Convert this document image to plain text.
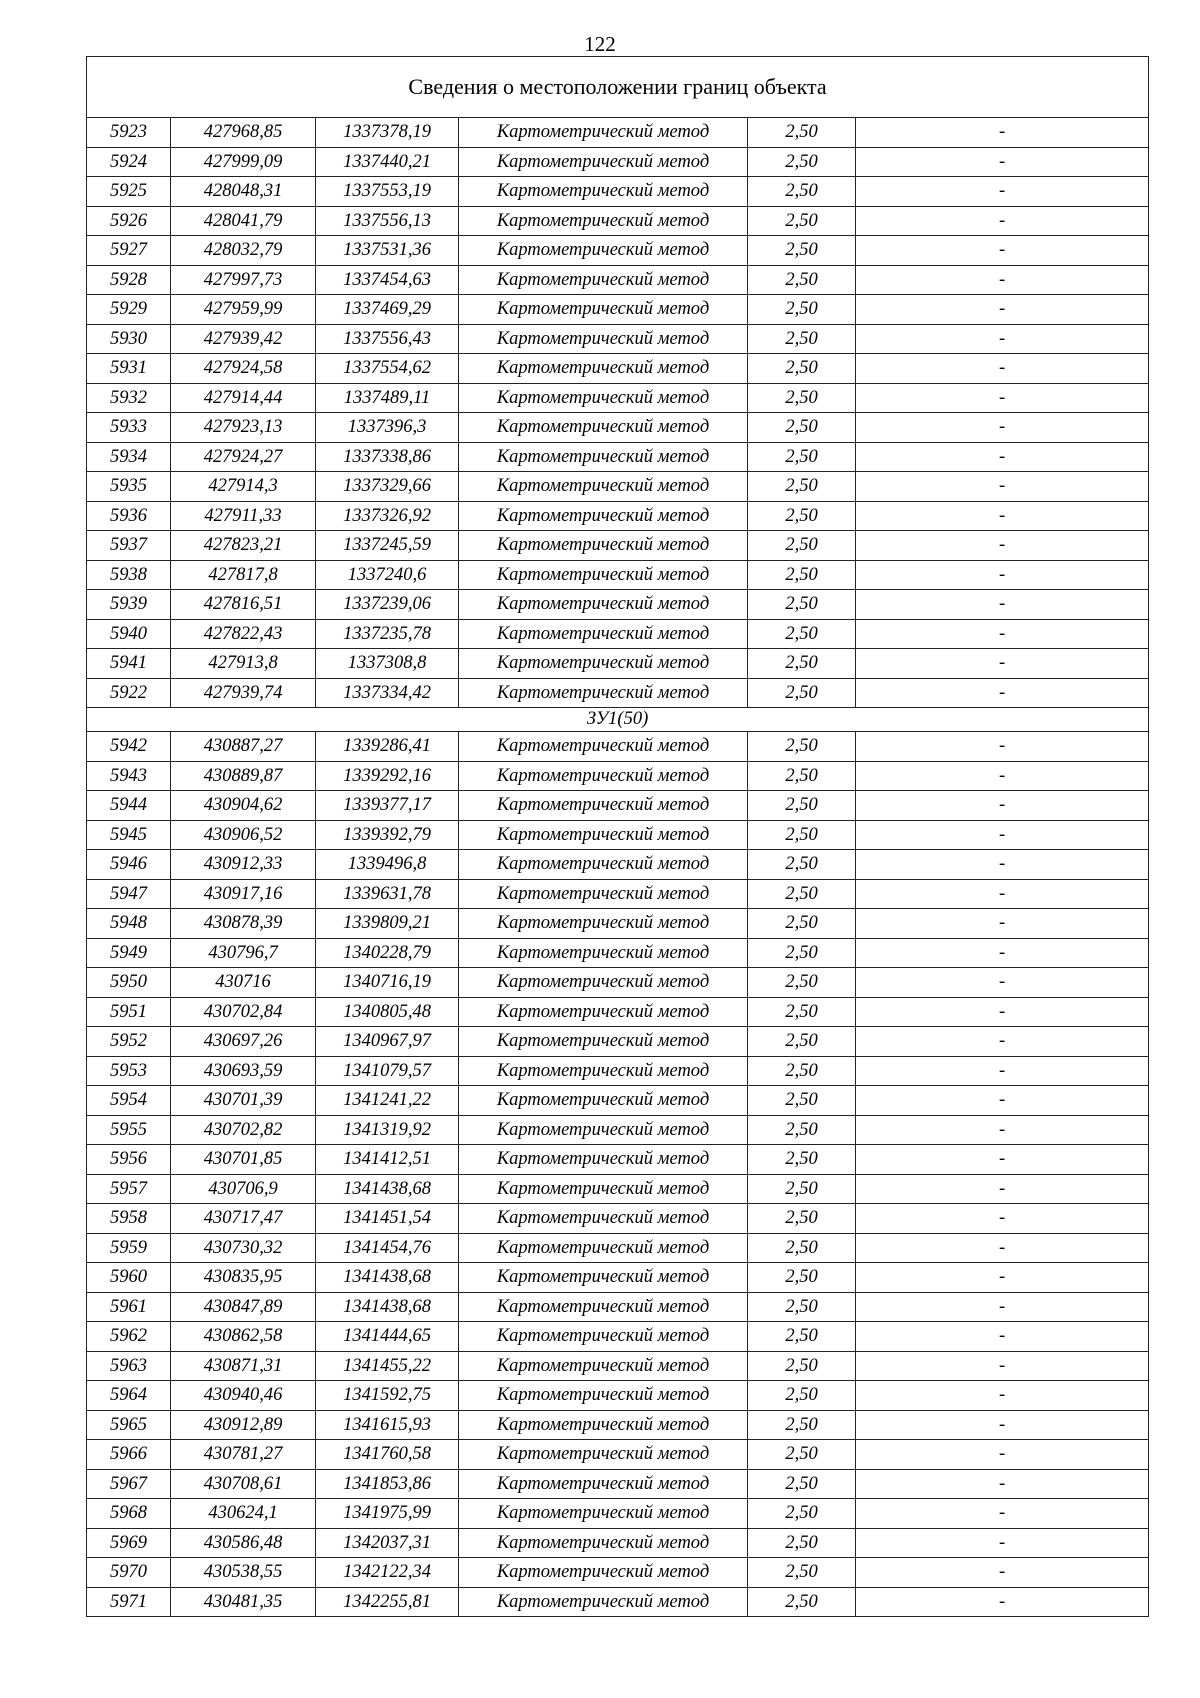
122
Сведения о местоположении границ объекта					
5923	427968,85	1337378,19	Картометрический метод	2,50	-
5924	427999,09	1337440,21	Картометрический метод	2,50	-
5925	428048,31	1337553,19	Картометрический метод	2,50	-
5926	428041,79	1337556,13	Картометрический метод	2,50	-
5927	428032,79	1337531,36	Картометрический метод	2,50	-
5928	427997,73	1337454,63	Картометрический метод	2,50	-
5929	427959,99	1337469,29	Картометрический метод	2,50	-
5930	427939,42	1337556,43	Картометрический метод	2,50	-
5931	427924,58	1337554,62	Картометрический метод	2,50	-
5932	427914,44	1337489,11	Картометрический метод	2,50	-
5933	427923,13	1337396,3	Картометрический метод	2,50	-
5934	427924,27	1337338,86	Картометрический метод	2,50	-
5935	427914,3	1337329,66	Картометрический метод	2,50	-
5936	427911,33	1337326,92	Картометрический метод	2,50	-
5937	427823,21	1337245,59	Картометрический метод	2,50	-
5938	427817,8	1337240,6	Картометрический метод	2,50	-
5939	427816,51	1337239,06	Картометрический метод	2,50	-
5940	427822,43	1337235,78	Картометрический метод	2,50	-
5941	427913,8	1337308,8	Картометрический метод	2,50	-
5922	427939,74	1337334,42	Картометрический метод	2,50	-
ЗУ1(50)					
5942	430887,27	1339286,41	Картометрический метод	2,50	-
5943	430889,87	1339292,16	Картометрический метод	2,50	-
5944	430904,62	1339377,17	Картометрический метод	2,50	-
5945	430906,52	1339392,79	Картометрический метод	2,50	-
5946	430912,33	1339496,8	Картометрический метод	2,50	-
5947	430917,16	1339631,78	Картометрический метод	2,50	-
5948	430878,39	1339809,21	Картометрический метод	2,50	-
5949	430796,7	1340228,79	Картометрический метод	2,50	-
5950	430716	1340716,19	Картометрический метод	2,50	-
5951	430702,84	1340805,48	Картометрический метод	2,50	-
5952	430697,26	1340967,97	Картометрический метод	2,50	-
5953	430693,59	1341079,57	Картометрический метод	2,50	-
5954	430701,39	1341241,22	Картометрический метод	2,50	-
5955	430702,82	1341319,92	Картометрический метод	2,50	-
5956	430701,85	1341412,51	Картометрический метод	2,50	-
5957	430706,9	1341438,68	Картометрический метод	2,50	-
5958	430717,47	1341451,54	Картометрический метод	2,50	-
5959	430730,32	1341454,76	Картометрический метод	2,50	-
5960	430835,95	1341438,68	Картометрический метод	2,50	-
5961	430847,89	1341438,68	Картометрический метод	2,50	-
5962	430862,58	1341444,65	Картометрический метод	2,50	-
5963	430871,31	1341455,22	Картометрический метод	2,50	-
5964	430940,46	1341592,75	Картометрический метод	2,50	-
5965	430912,89	1341615,93	Картометрический метод	2,50	-
5966	430781,27	1341760,58	Картометрический метод	2,50	-
5967	430708,61	1341853,86	Картометрический метод	2,50	-
5968	430624,1	1341975,99	Картометрический метод	2,50	-
5969	430586,48	1342037,31	Картометрический метод	2,50	-
5970	430538,55	1342122,34	Картометрический метод	2,50	-
5971	430481,35	1342255,81	Картометрический метод	2,50	-
